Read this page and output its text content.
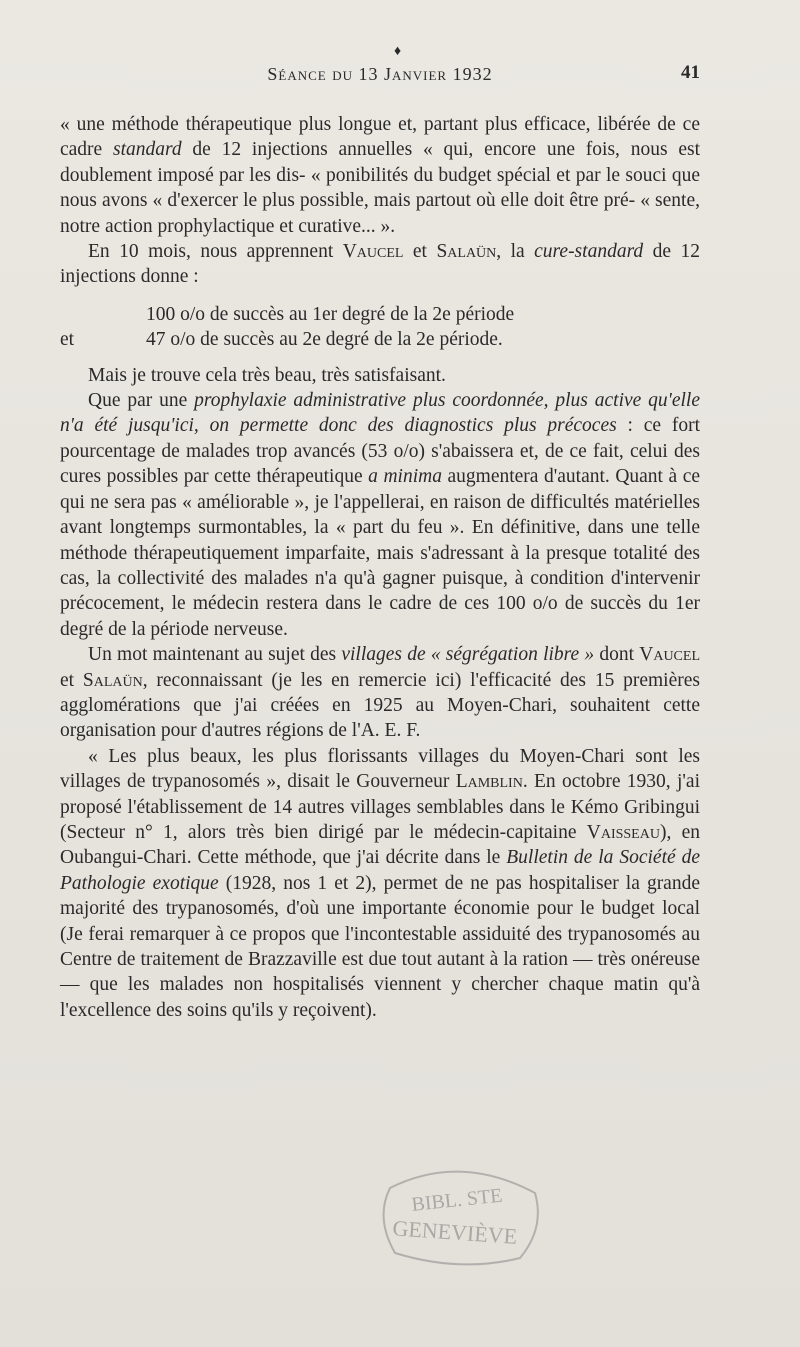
♦
Séance du 13 Janvier 1932	41

« une méthode thérapeutique plus longue et, partant plus efficace, libérée de ce cadre standard de 12 injections annuelles « qui, encore une fois, nous est doublement imposé par les dis- « ponibilités du budget spécial et par le souci que nous avons « d'exercer le plus possible, mais partout où elle doit être pré- « sente, notre action prophylactique et curative... ».

En 10 mois, nous apprennent Vaucel et Salaün, la cure-standard de 12 injections donne :

100 o/o de succès au 1er degré de la 2e période
et	47 o/o de succès au 2e degré de la 2e période.

Mais je trouve cela très beau, très satisfaisant.

Que par une prophylaxie administrative plus coordonnée, plus active qu'elle n'a été jusqu'ici, on permette donc des diagnostics plus précoces : ce fort pourcentage de malades trop avancés (53 o/o) s'abaissera et, de ce fait, celui des cures possibles par cette thérapeutique a minima augmentera d'autant. Quant à ce qui ne sera pas « améliorable », je l'appellerai, en raison de difficultés matérielles avant longtemps surmontables, la « part du feu ». En définitive, dans une telle méthode thérapeutiquement imparfaite, mais s'adressant à la presque totalité des cas, la collectivité des malades n'a qu'à gagner puisque, à condition d'intervenir précocement, le médecin restera dans le cadre de ces 100 o/o de succès du 1er degré de la période nerveuse.

Un mot maintenant au sujet des villages de « ségrégation libre » dont Vaucel et Salaün, reconnaissant (je les en remercie ici) l'efficacité des 15 premières agglomérations que j'ai créées en 1925 au Moyen-Chari, souhaitent cette organisation pour d'autres régions de l'A. E. F.

« Les plus beaux, les plus florissants villages du Moyen-Chari sont les villages de trypanosomés », disait le Gouverneur Lamblin. En octobre 1930, j'ai proposé l'établissement de 14 autres villages semblables dans le Kémo Gribingui (Secteur n° 1, alors très bien dirigé par le médecin-capitaine Vaisseau), en Oubangui-Chari. Cette méthode, que j'ai décrite dans le Bulletin de la Société de Pathologie exotique (1928, nos 1 et 2), permet de ne pas hospitaliser la grande majorité des trypanosomés, d'où une importante économie pour le budget local (Je ferai remarquer à ce propos que l'incontestable assiduité des trypanosomés au Centre de traitement de Brazzaville est due tout autant à la ration — très onéreuse — que les malades non hospitalisés viennent y chercher chaque matin qu'à l'excellence des soins qu'ils y reçoivent).

BIBL. STE
GENEVIÈVE
